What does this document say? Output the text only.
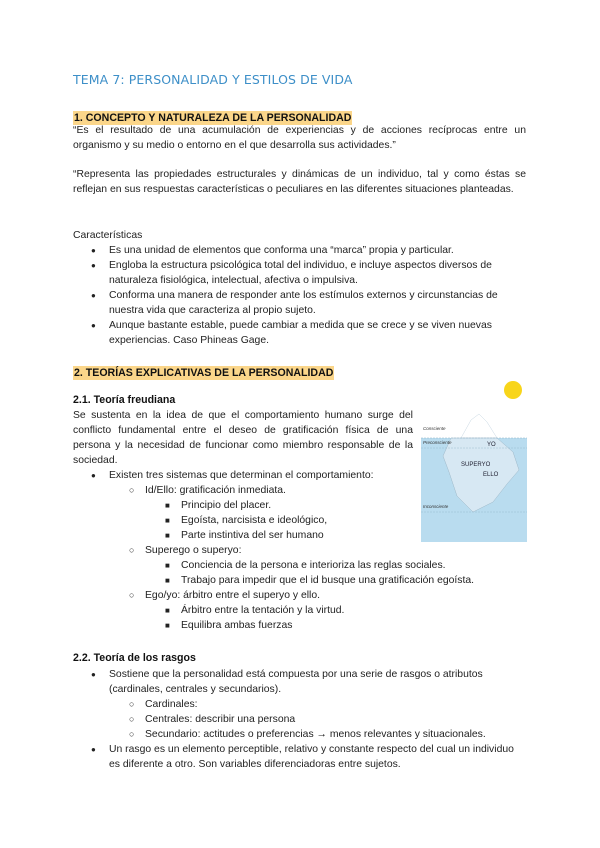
TEMA 7: PERSONALIDAD Y ESTILOS DE VIDA
1. CONCEPTO Y NATURALEZA DE LA PERSONALIDAD

“Es el resultado de una acumulación de experiencias y de acciones recíprocas entre un organismo y su medio o entorno en el que desarrolla sus actividades.”

“Representa las propiedades estructurales y dinámicas de un individuo, tal y como éstas se reflejan en sus respuestas características o peculiares en las diferentes situaciones planteadas.

Características

● Es una unidad de elementos que conforma una “marca” propia y particular.
● Engloba la estructura psicológica total del individuo, e incluye aspectos diversos de naturaleza fisiológica, intelectual, afectiva o impulsiva.
● Conforma una manera de responder ante los estímulos externos y circunstancias de nuestra vida que caracteriza al propio sujeto.
● Aunque bastante estable, puede cambiar a medida que se crece y se viven nuevas experiencias. Caso Phineas Gage.
2. TEORÍAS EXPLICATIVAS DE LA PERSONALIDAD
2.1. Teoría freudiana

Se sustenta en la idea de que el comportamiento humano surge del conflicto fundamental entre el deseo de gratificación física de una persona y la necesidad de funcionar como miembro responsable de la sociedad.

● Existen tres sistemas que determinan el comportamiento:
○ Id/Ello: gratificación inmediata.
■ Principio del placer.
■ Egoísta, narcisista e ideológico,
■ Parte instintiva del ser humano
○ Superego o superyo:
■ Conciencia de la persona e interioriza las reglas sociales.
■ Trabajo para impedir que el id busque una gratificación egoísta.
○ Ego/yo: árbitro entre el superyo y ello.
■ Árbitro entre la tentación y la virtud.
■ Equilibra ambas fuerzas
Consciente
Preconsciente
Inconsciente
YO
SUPERYO
ELLO
2.2. Teoría de los rasgos
● Sostiene que la personalidad está compuesta por una serie de rasgos o atributos (cardinales, centrales y secundarios).
○ Cardinales:
○ Centrales: describir una persona
○ Secundario: actitudes o preferencias → menos relevantes y situacionales.
● Un rasgo es un elemento perceptible, relativo y constante respecto del cual un individuo es diferente a otro. Son variables diferenciadoras entre sujetos.
